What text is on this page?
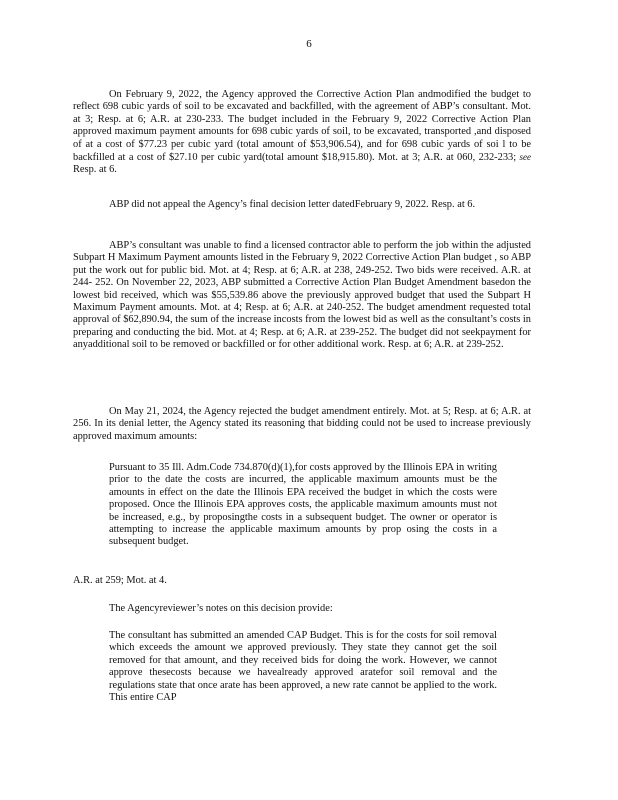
6

On February 9, 2022, the Agency approved the Corrective Action Plan andmodified the budget to reflect 698 cubic yards of soil to be excavated and backfilled, with the agreement of ABP’s consultant. Mot. at 3; Resp. at 6; A.R. at 230-233. The budget included in the February 9, 2022 Corrective Action Plan approved maximum payment amounts for 698 cubic yards of soil, to be excavated, transported ,and disposed of at a cost of $77.23 per cubic yard (total amount of $53,906.54), and for 698 cubic yards of soi l to be backfilled at a cost of $27.10 per cubic yard(total amount $18,915.80). Mot. at 3; A.R. at 060, 232-233; see Resp. at 6.

ABP did not appeal the Agency’s final decision letter datedFebruary 9, 2022. Resp. at 6.

ABP’s consultant was unable to find a licensed contractor able to perform the job within the adjusted Subpart H Maximum Payment amounts listed in the February 9, 2022 Corrective Action Plan budget , so ABP put the work out for public bid. Mot. at 4; Resp. at 6; A.R. at 238, 249-252. Two bids were received. A.R. at 244- 252. On November 22, 2023, ABP submitted a Corrective Action Plan Budget Amendment basedon the lowest bid received, which was $55,539.86 above the previously approved budget that used the Subpart H Maximum Payment amounts. Mot. at 4; Resp. at 6; A.R. at 240-252. The budget amendment requested total approval of $62,890.94, the sum of the increase incosts from the lowest bid as well as the consultant’s costs in preparing and conducting the bid. Mot. at 4; Resp. at 6; A.R. at 239-252. The budget did not seekpayment for anyadditional soil to be removed or backfilled or for other additional work. Resp. at 6; A.R. at 239-252.

On May 21, 2024, the Agency rejected the budget amendment entirely. Mot. at 5; Resp. at 6; A.R. at 256. In its denial letter, the Agency stated its reasoning that bidding could not be used to increase previously approved maximum amounts:

Pursuant to 35 Ill. Adm.Code 734.870(d)(1),for costs approved by the Illinois EPA in writing prior to the date the costs are incurred, the applicable maximum amounts must be the amounts in effect on the date the Illinois EPA received the budget in which the costs were proposed. Once the Illinois EPA approves costs, the applicable maximum amounts must not be increased, e.g., by proposingthe costs in a subsequent budget. The owner or operator is attempting to increase the applicable maximum amounts by prop osing the costs in a subsequent budget.

A.R. at 259; Mot. at 4.

The Agencyreviewer’s notes on this decision provide:

The consultant has submitted an amended CAP Budget. This is for the costs for soil removal which exceeds the amount we approved previously. They state they cannot get the soil removed for that amount, and they received bids for doing the work. However, we cannot approve thesecosts because we havealready approved aratefor soil removal and the regulations state that once arate has been approved, a new rate cannot be applied to the work. This entire CAP
